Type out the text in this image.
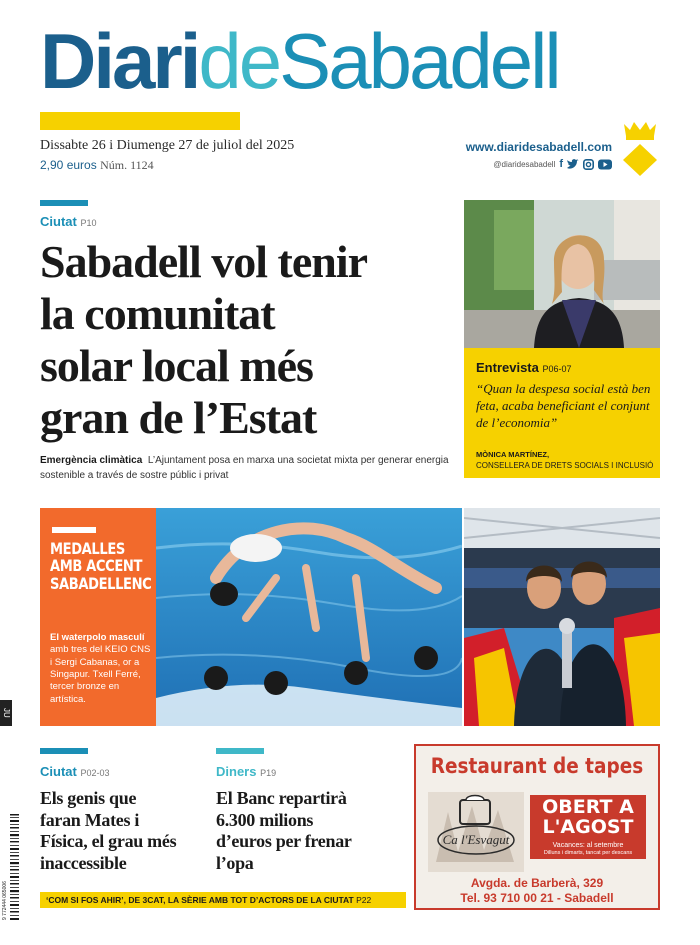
DiarideSabadell
Dissabte 26 i Diumenge 27 de juliol del 2025
2,90 euros Núm. 1124
www.diaridesabadell.com
@diaridesabadell f
Ciutat P10
Sabadell vol tenir
la comunitat
solar local més
gran de l’Estat
Emergència climàtica L’Ajuntament posa en marxa una societat mixta per generar energia sostenible a través de sostre públic i privat
Entrevista P06-07
“Quan la despesa social està ben feta, acaba beneficiant el conjunt de l’economia”
MÒNICA MARTÍNEZ,
CONSELLERA DE DRETS SOCIALS I INCLUSIÓ
MEDALLES
AMB ACCENT
SABADELLENC
El waterpolo masculí amb tres del KEIO CNS i Sergi Cabanas, or a Singapur. Txell Ferré, tercer bronze en artística.
Ciutat P02-03
Els genis que
faran Mates i
Física, el grau més
inaccessible
Diners P19
El Banc repartirà
6.300 milions
d’euros per frenar
l’opa
Restaurant de tapes
Ca l'Esvagut
OBERT A
L'AGOST
Vacances: al setembre
Dilluns i dimarts, tancat per descans
Avgda. de Barberà, 329
Tel. 93 710 00 21 - Sabadell
‘COM SI FOS AHIR’, DE 3CAT, LA SÈRIE AMB TOT D’ACTORS DE LA CIUTAT P22
JU
9 772444 065006
